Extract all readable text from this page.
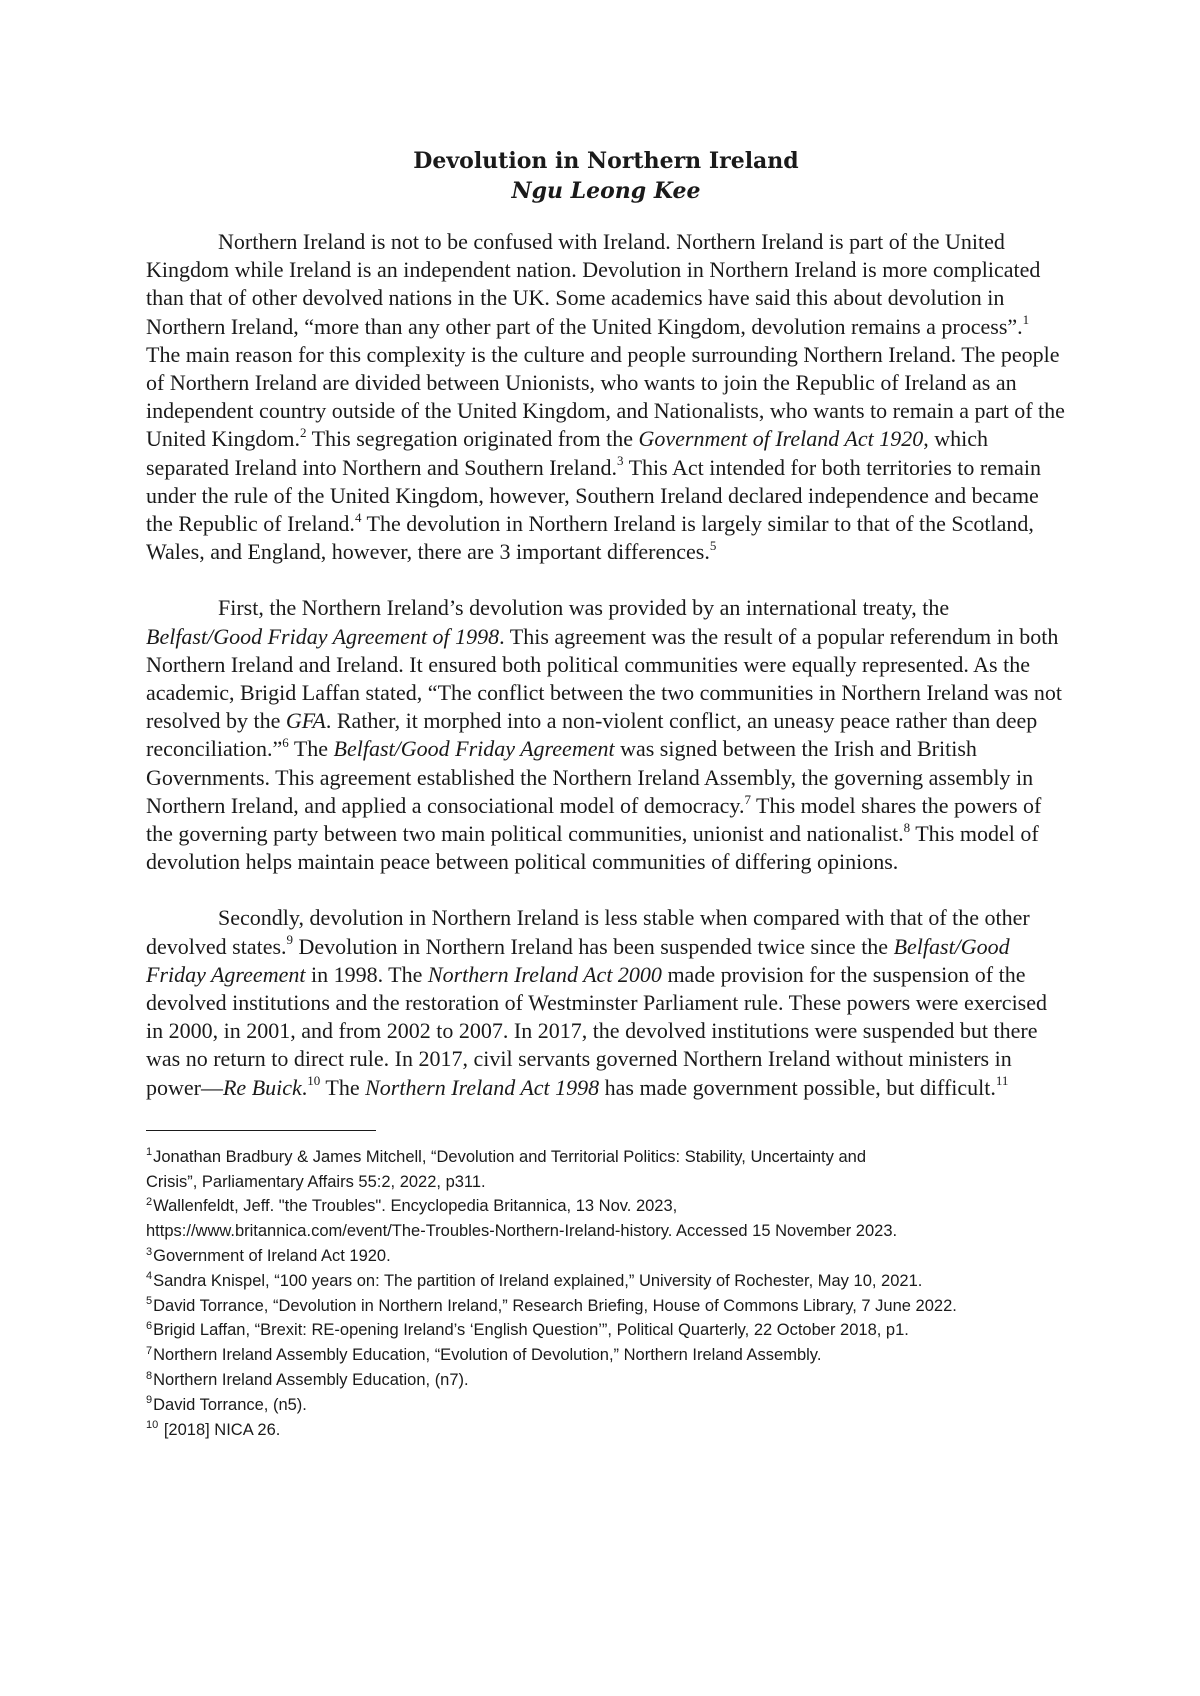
Devolution in Northern Ireland
Ngu Leong Kee

Northern Ireland is not to be confused with Ireland. Northern Ireland is part of the United Kingdom while Ireland is an independent nation. Devolution in Northern Ireland is more complicated than that of other devolved nations in the UK. Some academics have said this about devolution in Northern Ireland, “more than any other part of the United Kingdom, devolution remains a process”.$^1$ The main reason for this complexity is the culture and people surrounding Northern Ireland. The people of Northern Ireland are divided between Unionists, who wants to join the Republic of Ireland as an independent country outside of the United Kingdom, and Nationalists, who wants to remain a part of the United Kingdom.$^2$ This segregation originated from the Government of Ireland Act 1920, which separated Ireland into Northern and Southern Ireland.$^3$ This Act intended for both territories to remain under the rule of the United Kingdom, however, Southern Ireland declared independence and became the Republic of Ireland.$^4$ The devolution in Northern Ireland is largely similar to that of the Scotland, Wales, and England, however, there are 3 important differences.$^5$

First, the Northern Ireland’s devolution was provided by an international treaty, the Belfast/Good Friday Agreement of 1998. This agreement was the result of a popular referendum in both Northern Ireland and Ireland. It ensured both political communities were equally represented. As the academic, Brigid Laffan stated, “The conflict between the two communities in Northern Ireland was not resolved by the GFA. Rather, it morphed into a non-violent conflict, an uneasy peace rather than deep reconciliation.”$^6$ The Belfast/Good Friday Agreement was signed between the Irish and British Governments. This agreement established the Northern Ireland Assembly, the governing assembly in Northern Ireland, and applied a consociational model of democracy.$^7$ This model shares the powers of the governing party between two main political communities, unionist and nationalist.$^8$ This model of devolution helps maintain peace between political communities of differing opinions.

Secondly, devolution in Northern Ireland is less stable when compared with that of the other devolved states.$^9$ Devolution in Northern Ireland has been suspended twice since the Belfast/Good Friday Agreement in 1998. The Northern Ireland Act 2000 made provision for the suspension of the devolved institutions and the restoration of Westminster Parliament rule. These powers were exercised in 2000, in 2001, and from 2002 to 2007. In 2017, the devolved institutions were suspended but there was no return to direct rule. In 2017, civil servants governed Northern Ireland without ministers in power—Re Buick.$^{10}$ The Northern Ireland Act 1998 has made government possible, but difficult.$^{11}$

$^1$Jonathan Bradbury & James Mitchell, “Devolution and Territorial Politics: Stability, Uncertainty and
Crisis”, Parliamentary Affairs 55:2, 2022, p311.

$^2$Wallenfeldt, Jeff. "the Troubles". Encyclopedia Britannica, 13 Nov. 2023,
https://www.britannica.com/event/The-Troubles-Northern-Ireland-history. Accessed 15 November 2023.

$^3$Government of Ireland Act 1920.

$^4$Sandra Knispel, “100 years on: The partition of Ireland explained,” University of Rochester, May 10, 2021.

$^5$David Torrance, “Devolution in Northern Ireland,” Research Briefing, House of Commons Library, 7 June 2022.

$^6$Brigid Laffan, “Brexit: RE-opening Ireland’s ‘English Question’”, Political Quarterly, 22 October 2018, p1.

$^7$Northern Ireland Assembly Education, “Evolution of Devolution,” Northern Ireland Assembly.

$^8$Northern Ireland Assembly Education, (n7).

$^9$David Torrance, (n5).

$^{10}$ [2018] NICA 26.
